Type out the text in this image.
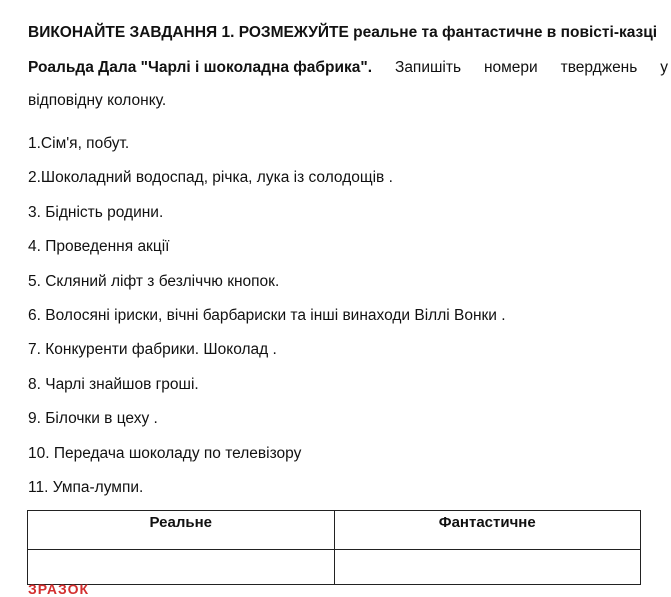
ВИКОНАЙТЕ ЗАВДАННЯ 1. РОЗМЕЖУЙТЕ реальне та фантастичне в повісті-казці
Роальда Дала "Чарлі і шоколадна фабрика". Запишіть номери тверджень у
відповідну колонку.
1.Сім'я, побут.
2.Шоколадний водоспад, річка, лука із солодощів .
3. Бідність родини.
4. Проведення акції
5. Скляний ліфт з безліччю кнопок.
6. Волосяні іриски, вічні барбариски та інші винаходи Віллі Вонки .
7. Конкуренти фабрики. Шоколад .
8. Чарлі знайшов гроші.
9. Білочки в цеху .
10. Передача шоколаду по телевізору
11. Умпа-лумпи.
Реальне	Фантастичне

ЗРАЗОК
